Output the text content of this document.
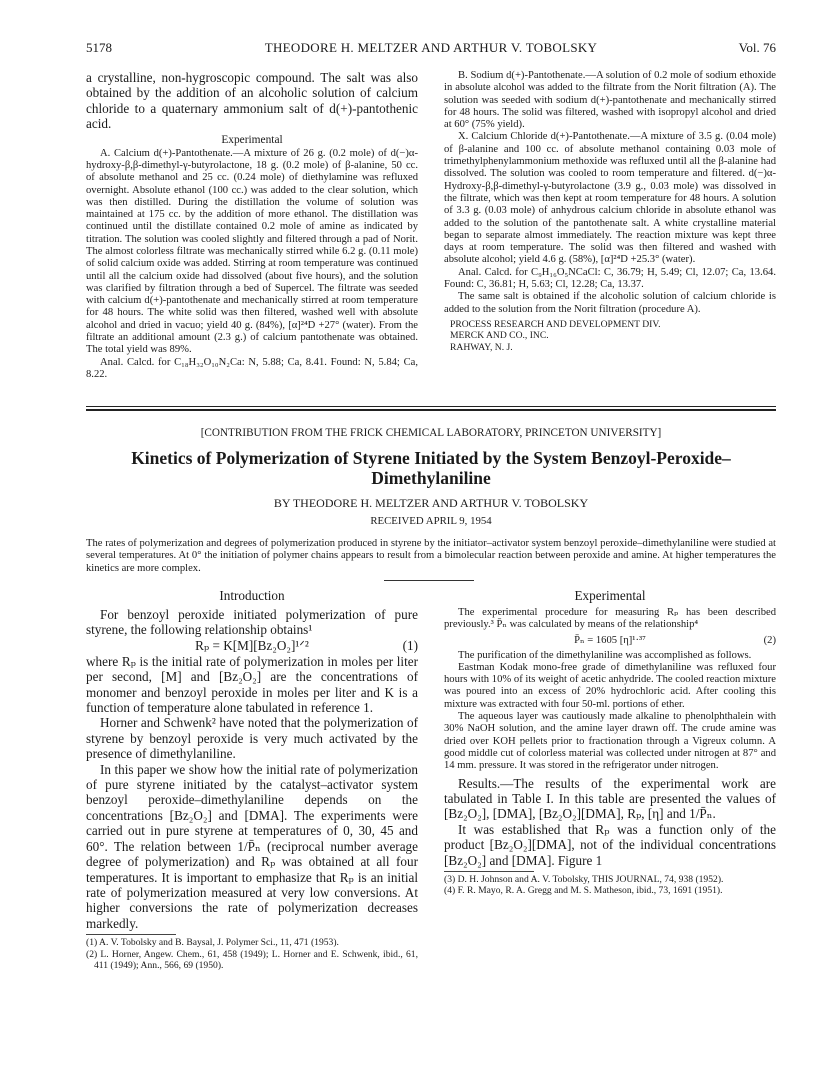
5178	THEODORE H. MELTZER AND ARTHUR V. TOBOLSKY	Vol. 76

a crystalline, non-hygroscopic compound. The salt was also obtained by the addition of an alcoholic solution of calcium chloride to a quaternary ammonium salt of d(+)-pantothenic acid.

Experimental

A. Calcium d(+)-Pantothenate.—A mixture of 26 g. (0.2 mole) of d(−)α-hydroxy-β,β-dimethyl-γ-butyrolactone, 18 g. (0.2 mole) of β-alanine, 50 cc. of absolute methanol and 25 cc. (0.24 mole) of diethylamine was refluxed overnight. Absolute ethanol (100 cc.) was added to the clear solution, which was then distilled. During the distillation the volume of solution was maintained at 175 cc. by the addition of more ethanol. The distillation was continued until the distillate contained 0.2 mole of amine as indicated by titration. The solution was cooled slightly and filtered through a pad of Norit. The almost colorless filtrate was mechanically stirred while 6.2 g. (0.11 mole) of solid calcium oxide was added. Stirring at room temperature was continued until all the calcium oxide had dissolved (about five hours), and the solution was clarified by filtration through a bed of Supercel. The filtrate was seeded with calcium d(+)-pantothenate and mechanically stirred at room temperature for 48 hours. The white solid was then filtered, washed well with absolute alcohol and dried in vacuo; yield 40 g. (84%), [α]²⁴D +27° (water). From the filtrate an additional amount (2.3 g.) of calcium pantothenate was obtained. The total yield was 89%.

Anal. Calcd. for C₁₈H₃₂O₁₀N₂Ca: N, 5.88; Ca, 8.41. Found: N, 5.84; Ca, 8.22.

B. Sodium d(+)-Pantothenate.—A solution of 0.2 mole of sodium ethoxide in absolute alcohol was added to the filtrate from the Norit filtration (A). The solution was seeded with sodium d(+)-pantothenate and mechanically stirred for 48 hours. The solid was filtered, washed with isopropyl alcohol and dried at 60° (75% yield).

X. Calcium Chloride d(+)-Pantothenate.—A mixture of 3.5 g. (0.04 mole) of β-alanine and 100 cc. of absolute methanol containing 0.03 mole of trimethylphenylammonium methoxide was refluxed until all the β-alanine had dissolved. The solution was cooled to room temperature and filtered. d(−)α-Hydroxy-β,β-dimethyl-γ-butyrolactone (3.9 g., 0.03 mole) was dissolved in the filtrate, which was then kept at room temperature for 48 hours. A solution of 3.3 g. (0.03 mole) of anhydrous calcium chloride in absolute ethanol was added to the solution of the pantothenate salt. A white crystalline material began to separate almost immediately. The reaction mixture was kept three days at room temperature. The solid was then filtered and washed with absolute alcohol; yield 4.6 g. (58%), [α]²⁴D +25.3° (water).

Anal. Calcd. for C₉H₁₆O₅NCaCl: C, 36.79; H, 5.49; Cl, 12.07; Ca, 13.64. Found: C, 36.81; H, 5.63; Cl, 12.28; Ca, 13.37.

The same salt is obtained if the alcoholic solution of calcium chloride is added to the solution from the Norit filtration (procedure A).

PROCESS RESEARCH AND DEVELOPMENT DIV.

MERCK AND CO., INC.

RAHWAY, N. J.

[CONTRIBUTION FROM THE FRICK CHEMICAL LABORATORY, PRINCETON UNIVERSITY]
Kinetics of Polymerization of Styrene Initiated by the System Benzoyl-Peroxide–Dimethylaniline
BY THEODORE H. MELTZER AND ARTHUR V. TOBOLSKY
RECEIVED APRIL 9, 1954
The rates of polymerization and degrees of polymerization produced in styrene by the initiator–activator system benzoyl peroxide–dimethylaniline were studied at several temperatures. At 0° the initiation of polymer chains appears to result from a bimolecular reaction between peroxide and amine. At higher temperatures the kinetics are more complex.

Introduction

For benzoyl peroxide initiated polymerization of pure styrene, the following relationship obtains¹

Rₚ = K[M][Bz₂O₂]¹ᐟ²	(1)

where Rₚ is the initial rate of polymerization in moles per liter per second, [M] and [Bz₂O₂] are the concentrations of monomer and benzoyl peroxide in moles per liter and K is a function of temperature alone tabulated in reference 1.

Horner and Schwenk² have noted that the polymerization of styrene by benzoyl peroxide is very much activated by the presence of dimethylaniline.

In this paper we show how the initial rate of polymerization of pure styrene initiated by the catalyst–activator system benzoyl peroxide–dimethylaniline depends on the concentrations [Bz₂O₂] and [DMA]. The experiments were carried out in pure styrene at temperatures of 0, 30, 45 and 60°. The relation between 1/P̄ₙ (reciprocal number average degree of polymerization) and Rₚ was obtained at all four temperatures. It is important to emphasize that Rₚ is an initial rate of polymerization measured at very low conversions. At higher conversions the rate of polymerization decreases markedly.

(1) A. V. Tobolsky and B. Baysal, J. Polymer Sci., 11, 471 (1953).

(2) L. Horner, Angew. Chem., 61, 458 (1949); L. Horner and E. Schwenk, ibid., 61, 411 (1949); Ann., 566, 69 (1950).

Experimental

The experimental procedure for measuring Rₚ has been described previously.³ P̄ₙ was calculated by means of the relationship⁴

P̄ₙ = 1605 [η]¹·³⁷	(2)

The purification of the dimethylaniline was accomplished as follows.

Eastman Kodak mono-free grade of dimethylaniline was refluxed four hours with 10% of its weight of acetic anhydride. The cooled reaction mixture was poured into an excess of 20% hydrochloric acid. After cooling this mixture was extracted with four 50-ml. portions of ether.

The aqueous layer was cautiously made alkaline to phenolphthalein with 30% NaOH solution, and the amine layer drawn off. The crude amine was dried over KOH pellets prior to fractionation through a Vigreux column. A good middle cut of colorless material was collected under nitrogen at 87° and 14 mm. pressure. It was stored in the refrigerator under nitrogen.

Results.—The results of the experimental work are tabulated in Table I. In this table are presented the values of [Bz₂O₂], [DMA], [Bz₂O₂][DMA], Rₚ, [η] and 1/P̄ₙ.

It was established that Rₚ was a function only of the product [Bz₂O₂][DMA], not of the individual concentrations [Bz₂O₂] and [DMA]. Figure 1

(3) D. H. Johnson and A. V. Tobolsky, THIS JOURNAL, 74, 938 (1952).

(4) F. R. Mayo, R. A. Gregg and M. S. Matheson, ibid., 73, 1691 (1951).
